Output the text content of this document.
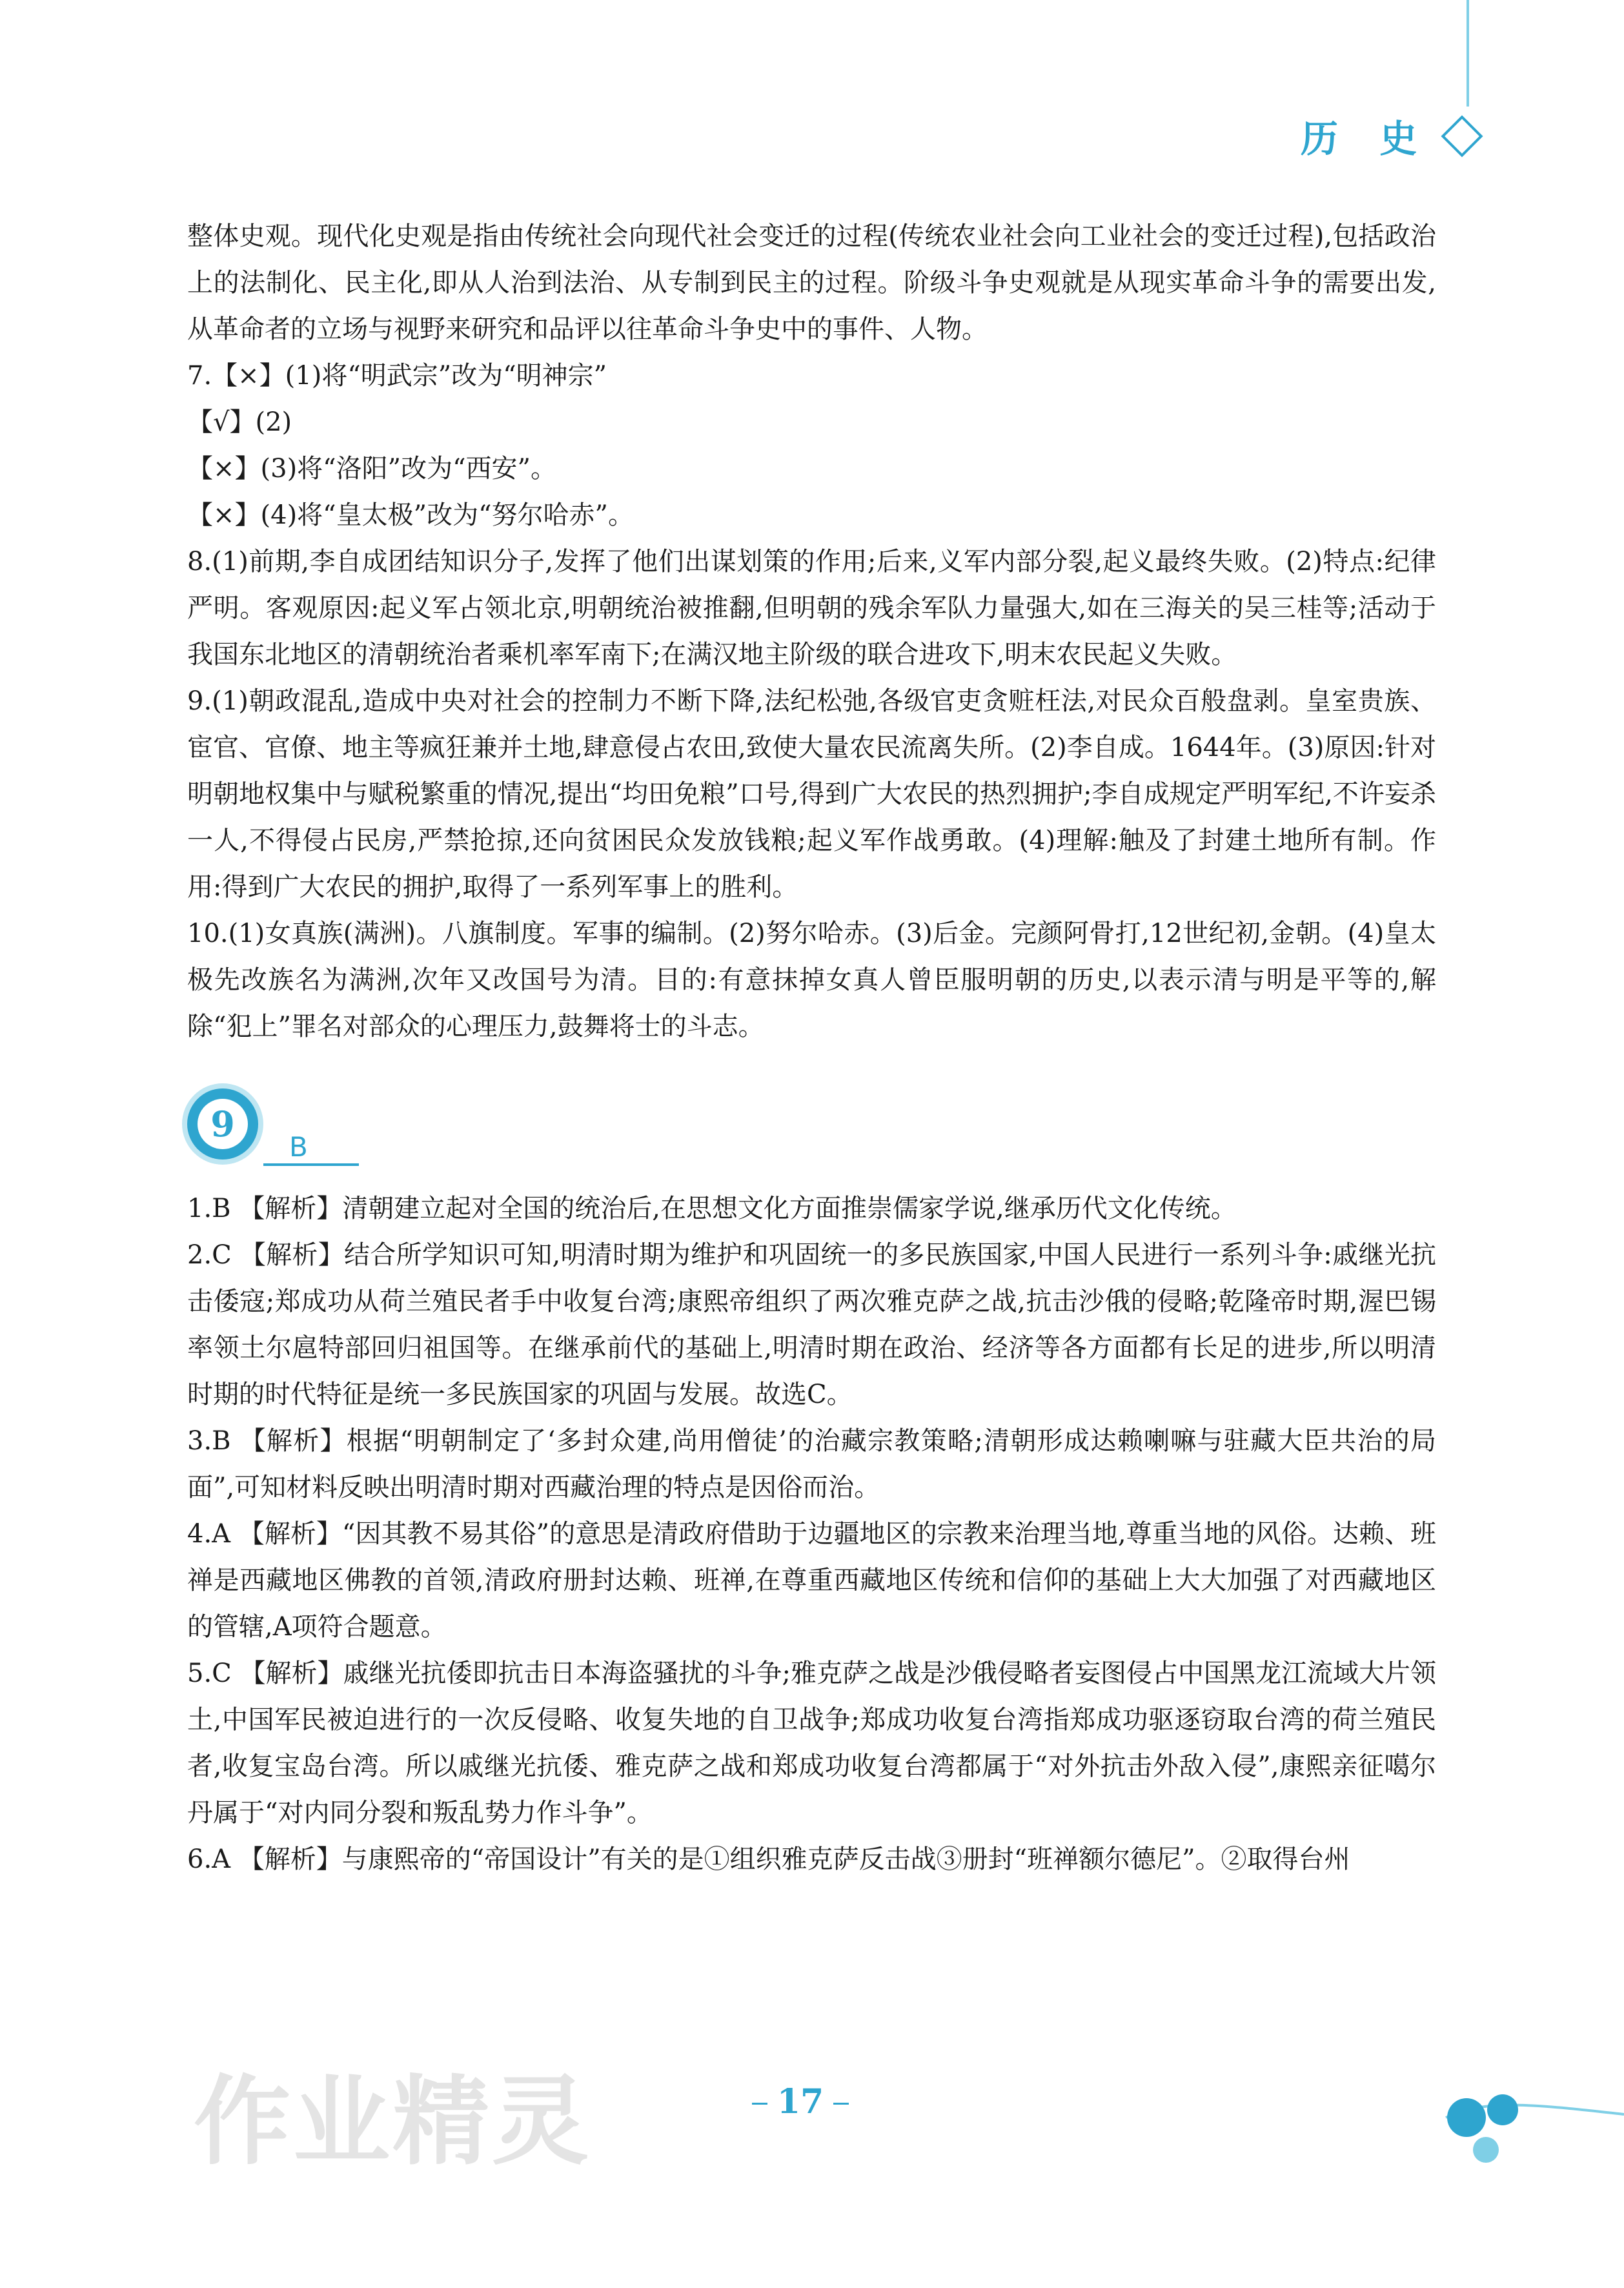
历 史

整体史观。现代化史观是指由传统社会向现代社会变迁的过程(传统农业社会向工业社会的变迁过程),包括政治上的法制化、民主化,即从人治到法治、从专制到民主的过程。阶级斗争史观就是从现实革命斗争的需要出发,从革命者的立场与视野来研究和品评以往革命斗争史中的事件、人物。

7.【×】(1)将“明武宗”改为“明神宗”

【√】(2)

【×】(3)将“洛阳”改为“西安”。

【×】(4)将“皇太极”改为“努尔哈赤”。

8.(1)前期,李自成团结知识分子,发挥了他们出谋划策的作用;后来,义军内部分裂,起义最终失败。(2)特点:纪律严明。客观原因:起义军占领北京,明朝统治被推翻,但明朝的残余军队力量强大,如在三海关的吴三桂等;活动于我国东北地区的清朝统治者乘机率军南下;在满汉地主阶级的联合进攻下,明末农民起义失败。

9.(1)朝政混乱,造成中央对社会的控制力不断下降,法纪松弛,各级官吏贪赃枉法,对民众百般盘剥。皇室贵族、宦官、官僚、地主等疯狂兼并土地,肆意侵占农田,致使大量农民流离失所。(2)李自成。1644年。(3)原因:针对明朝地权集中与赋税繁重的情况,提出“均田免粮”口号,得到广大农民的热烈拥护;李自成规定严明军纪,不许妄杀一人,不得侵占民房,严禁抢掠,还向贫困民众发放钱粮;起义军作战勇敢。(4)理解:触及了封建土地所有制。作用:得到广大农民的拥护,取得了一系列军事上的胜利。

10.(1)女真族(满洲)。八旗制度。军事的编制。(2)努尔哈赤。(3)后金。完颜阿骨打,12世纪初,金朝。(4)皇太极先改族名为满洲,次年又改国号为清。目的:有意抹掉女真人曾臣服明朝的历史,以表示清与明是平等的,解除“犯上”罪名对部众的心理压力,鼓舞将士的斗志。

9
B

1.B 【解析】清朝建立起对全国的统治后,在思想文化方面推崇儒家学说,继承历代文化传统。

2.C 【解析】结合所学知识可知,明清时期为维护和巩固统一的多民族国家,中国人民进行一系列斗争:戚继光抗击倭寇;郑成功从荷兰殖民者手中收复台湾;康熙帝组织了两次雅克萨之战,抗击沙俄的侵略;乾隆帝时期,渥巴锡率领土尔扈特部回归祖国等。在继承前代的基础上,明清时期在政治、经济等各方面都有长足的进步,所以明清时期的时代特征是统一多民族国家的巩固与发展。故选C。

3.B 【解析】根据“明朝制定了‘多封众建,尚用僧徒’的治藏宗教策略;清朝形成达赖喇嘛与驻藏大臣共治的局面”,可知材料反映出明清时期对西藏治理的特点是因俗而治。

4.A 【解析】“因其教不易其俗”的意思是清政府借助于边疆地区的宗教来治理当地,尊重当地的风俗。达赖、班禅是西藏地区佛教的首领,清政府册封达赖、班禅,在尊重西藏地区传统和信仰的基础上大大加强了对西藏地区的管辖,A项符合题意。

5.C 【解析】戚继光抗倭即抗击日本海盗骚扰的斗争;雅克萨之战是沙俄侵略者妄图侵占中国黑龙江流域大片领土,中国军民被迫进行的一次反侵略、收复失地的自卫战争;郑成功收复台湾指郑成功驱逐窃取台湾的荷兰殖民者,收复宝岛台湾。所以戚继光抗倭、雅克萨之战和郑成功收复台湾都属于“对外抗击外敌入侵”,康熙亲征噶尔丹属于“对内同分裂和叛乱势力作斗争”。

6.A 【解析】与康熙帝的“帝国设计”有关的是①组织雅克萨反击战③册封“班禅额尔德尼”。②取得台州

作业精灵	17
